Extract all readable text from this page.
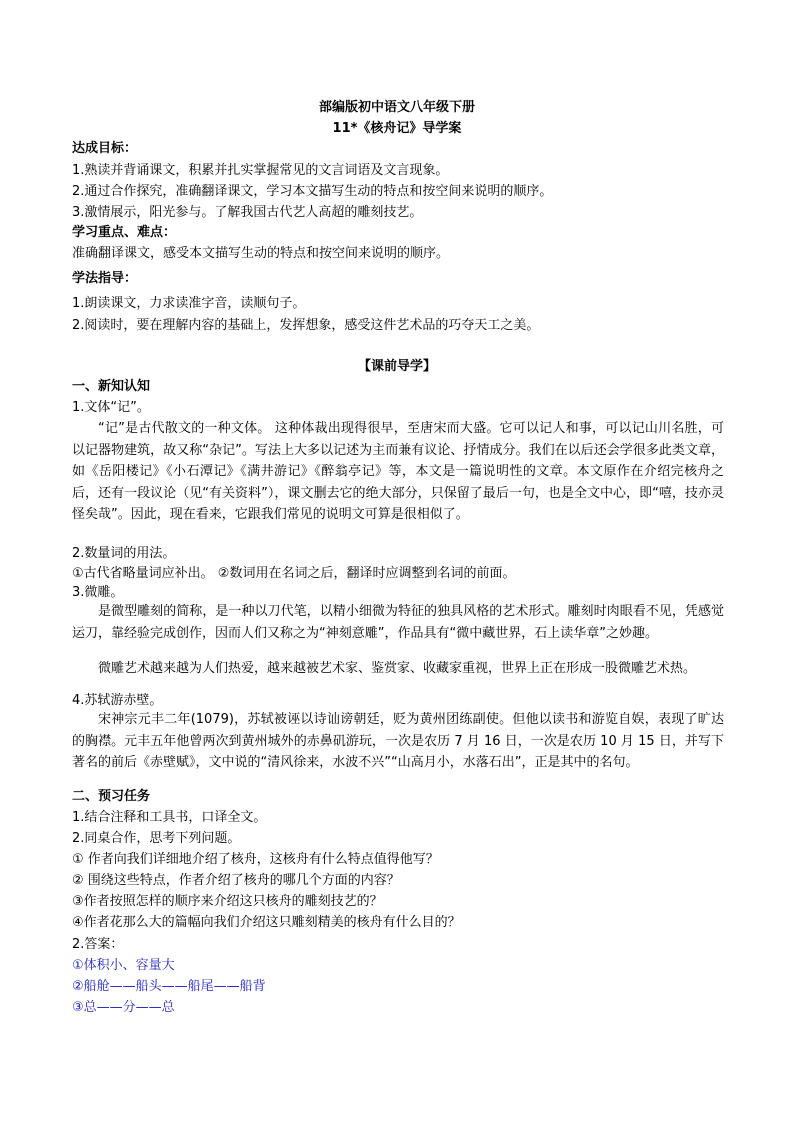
部编版初中语文八年级下册
11*《核舟记》导学案
达成目标：
1.熟读并背诵课文，积累并扎实掌握常见的文言词语及文言现象。
2.通过合作探究，准确翻译课文，学习本文描写生动的特点和按空间来说明的顺序。
3.激情展示，阳光参与。了解我国古代艺人高超的雕刻技艺。
学习重点、难点：
准确翻译课文，感受本文描写生动的特点和按空间来说明的顺序。
学法指导：
1.朗读课文，力求读准字音，读顺句子。
2.阅读时，要在理解内容的基础上，发挥想象，感受这件艺术品的巧夺天工之美。
【课前导学】
一、新知认知
1.文体“记”。
“记”是古代散文的一种文体。 这种体裁出现得很早，至唐宋而大盛。它可以记人和事，可以记山川名胜，可以记器物建筑，故又称“杂记”。写法上大多以记述为主而兼有议论、抒情成分。我们在以后还会学很多此类文章，如《岳阳楼记》《小石潭记》《满井游记》《醉翁亭记》等，本文是一篇说明性的文章。本文原作在介绍完核舟之后，还有一段议论（见“有关资料”），课文删去它的绝大部分，只保留了最后一句，也是全文中心，即“嘻，技亦灵怪矣哉”。因此，现在看来，它跟我们常见的说明文可算是很相似了。
2.数量词的用法。
①古代省略量词应补出。 ②数词用在名词之后，翻译时应调整到名词的前面。
3.微雕。
是微型雕刻的简称，是一种以刀代笔，以精小细微为特征的独具风格的艺术形式。雕刻时肉眼看不见，凭感觉运刀，靠经验完成创作，因而人们又称之为“神刻意雕”，作品具有“微中藏世界，石上读华章”之妙趣。
微雕艺术越来越为人们热爱，越来越被艺术家、鉴赏家、收藏家重视，世界上正在形成一股微雕艺术热。
4.苏轼游赤壁。
宋神宗元丰二年(1079)，苏轼被诬以诗讪谤朝廷，贬为黄州团练副使。但他以读书和游览自娱，表现了旷达的胸襟。元丰五年他曾两次到黄州城外的赤鼻矶游玩，一次是农历 7 月 16 日，一次是农历 10 月 15 日，并写下著名的前后《赤壁赋》，文中说的“清风徐来，水波不兴”“山高月小，水落石出”，正是其中的名句。
二、预习任务
1.结合注释和工具书，口译全文。
2.同桌合作，思考下列问题。
① 作者向我们详细地介绍了核舟，这核舟有什么特点值得他写？
② 围绕这些特点，作者介绍了核舟的哪几个方面的内容？
③作者按照怎样的顺序来介绍这只核舟的雕刻技艺的？
④作者花那么大的篇幅向我们介绍这只雕刻精美的核舟有什么目的？
2.答案：
①体积小、容量大
②船舱——船头——船尾——船背
③总——分——总
